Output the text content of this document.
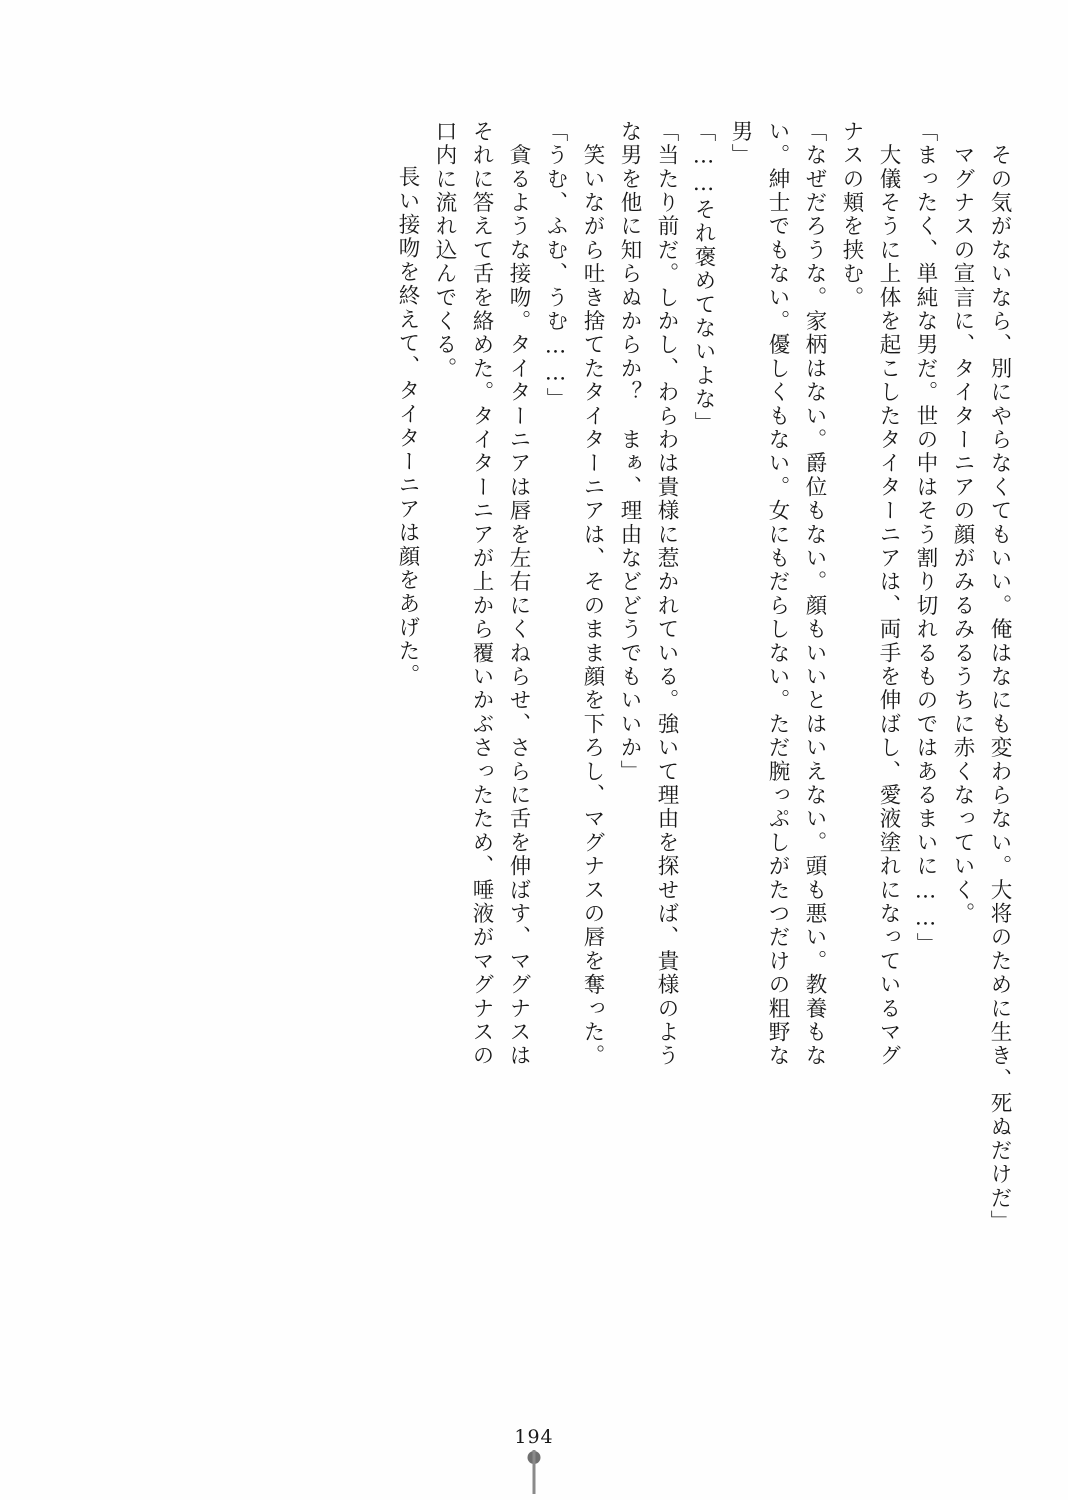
　その気がないなら、別にやらなくてもいい。俺はなにも変わらない。大将のために生き、死ぬだけだ」
　マグナスの宣言に、タイターニアの顔がみるみるうちに赤くなっていく。
「まったく、単純な男だ。世の中はそう割り切れるものではあるまいに……」
　大儀そうに上体を起こしたタイターニアは、両手を伸ばし、愛液塗れになっているマグ
ナスの頬を挟む。
「なぜだろうな。家柄はない。爵位もない。顔もいいとはいえない。頭も悪い。教養もな
い。紳士でもない。優しくもない。女にもだらしない。ただ腕っぷしがたつだけの粗野な
男」
「……それ褒めてないよな」
「当たり前だ。しかし、わらわは貴様に惹かれている。強いて理由を探せば、貴様のよう
な男を他に知らぬからか？　まぁ、理由などどうでもいいか」
　笑いながら吐き捨てたタイターニアは、そのまま顔を下ろし、マグナスの唇を奪った。
「うむ、ふむ、うむ……」
　貪るような接吻。タイターニアは唇を左右にくねらせ、さらに舌を伸ばす、マグナスは
それに答えて舌を絡めた。タイターニアが上から覆いかぶさったため、唾液がマグナスの
口内に流れ込んでくる。
　長い接吻を終えて、タイターニアは顔をあげた。
194
